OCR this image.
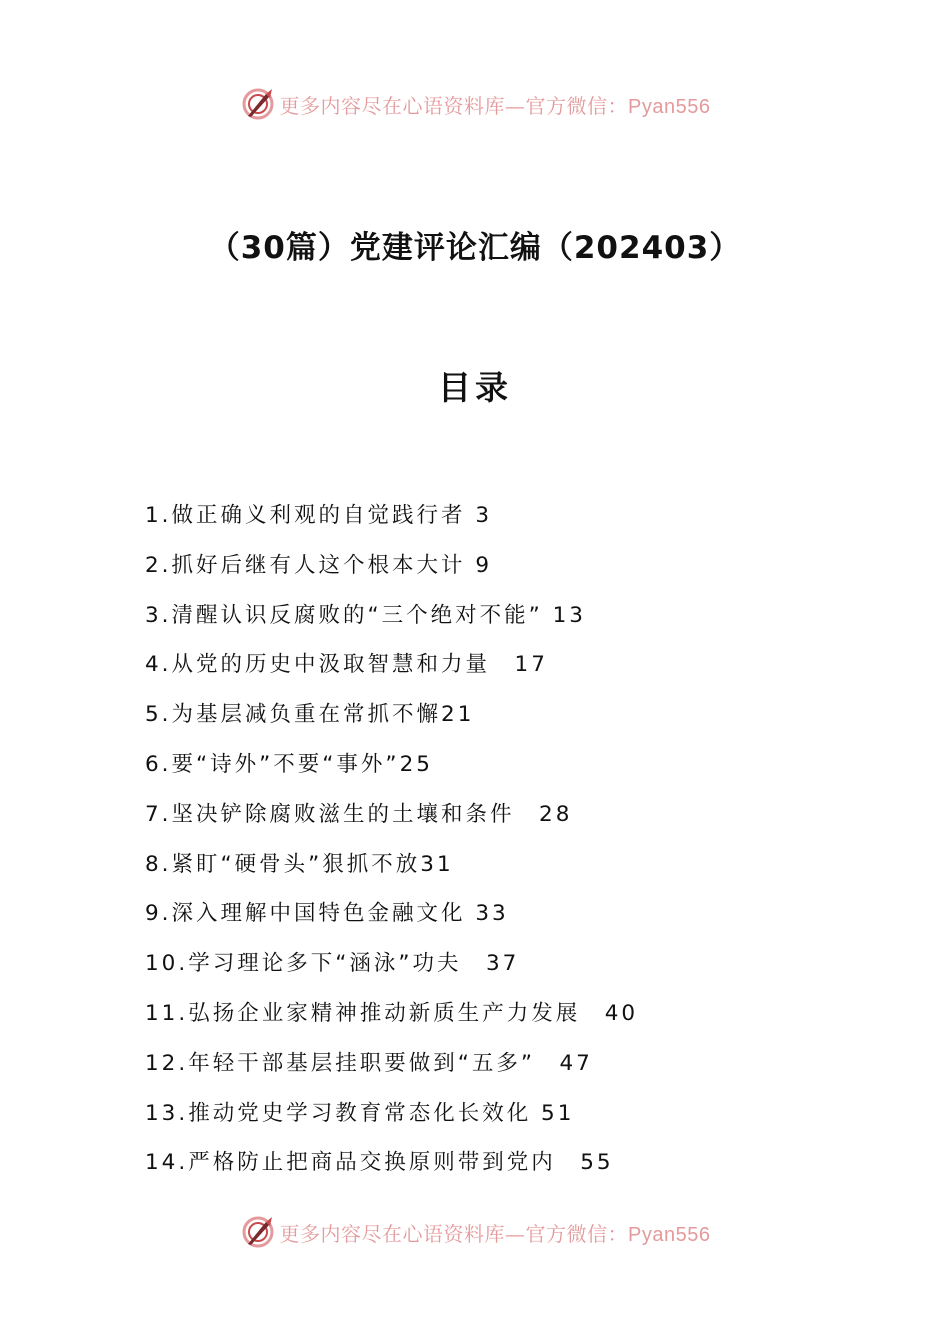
更多内容尽在心语资料库—官方微信：Pyan556
（30篇）党建评论汇编（202403）
目录
1.做正确义利观的自觉践行者 3
2.抓好后继有人这个根本大计 9
3.清醒认识反腐败的“三个绝对不能” 13
4.从党的历史中汲取智慧和力量　17
5.为基层减负重在常抓不懈21
6.要“诗外”不要“事外”25
7.坚决铲除腐败滋生的土壤和条件　28
8.紧盯“硬骨头”狠抓不放31
9.深入理解中国特色金融文化 33
10.学习理论多下“涵泳”功夫　37
11.弘扬企业家精神推动新质生产力发展　40
12.年轻干部基层挂职要做到“五多”　47
13.推动党史学习教育常态化长效化 51
14.严格防止把商品交换原则带到党内　55
更多内容尽在心语资料库—官方微信：Pyan556
